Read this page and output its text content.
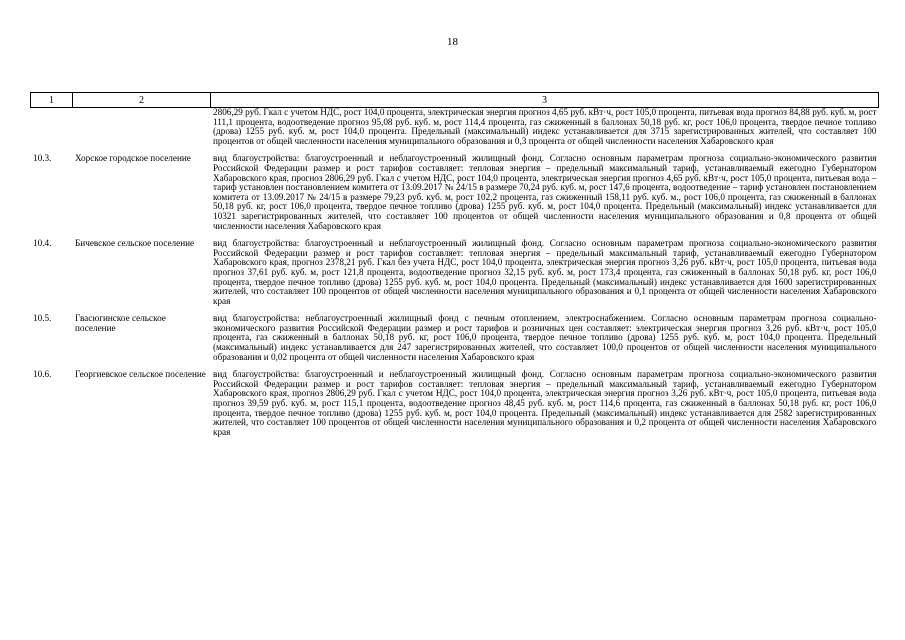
18
1	2	3
		2806,29 руб. Гкал с учетом НДС, рост 104,0 процента, электрическая энергия прогноз 4,65 руб. кВт·ч, рост 105,0 процента, питьевая вода прогноз 84,88 руб. куб. м, рост 111,1 процента, водоотведение прогноз 95,08 руб. куб. м, рост 114,4 процента, газ сжиженный в баллонах 50,18 руб. кг, рост 106,0 процента, твердое печное топливо (дрова) 1255 руб. куб. м, рост 104,0 процента. Предельный (максимальный) индекс устанавливается для 3715 зарегистрированных жителей, что составляет 100 процентов от общей численности населения муниципального образования и 0,3 процента от общей численности населения Хабаровского края

10.3.	Хорское городское поселение	вид благоустройства: благоустроенный и неблагоустроенный жилищный фонд. Согласно основным параметрам прогноза социально-экономического развития Российской Федерации размер и рост тарифов составляет: тепловая энергия – предельный максимальный тариф, устанавливаемый ежегодно Губернатором Хабаровского края, прогноз 2806,29 руб. Гкал с учетом НДС, рост 104,0 процента, электрическая энергия прогноз 4,65 руб. кВт·ч, рост 105,0 процента, питьевая вода – тариф установлен постановлением комитета от 13.09.2017 № 24/15 в размере 70,24 руб. куб. м, рост 147,6 процента, водоотведение – тариф установлен постановлением комитета от 13.09.2017 № 24/15 в размере 79,23 руб. куб. м, рост 102,2 процента, газ сжиженный 158,11 руб. куб. м., рост 106,0 процента, газ сжиженный в баллонах 50,18 руб. кг, рост 106,0 процента, твердое печное топливо (дрова) 1255 руб. куб. м, рост 104,0 процента. Предельный (максимальный) индекс устанавливается для 10321 зарегистрированных жителей, что составляет 100 процентов от общей численности населения муниципального образования и 0,8 процента от общей численности населения Хабаровского края

10.4.	Бичевское сельское поселение	вид благоустройства: благоустроенный и неблагоустроенный жилищный фонд. Согласно основным параметрам прогноза социально-экономического развития Российской Федерации размер и рост тарифов составляет: тепловая энергия – предельный максимальный тариф, устанавливаемый ежегодно Губернатором Хабаровского края, прогноз 2378,21 руб. Гкал без учета НДС, рост 104,0 процента, электрическая энергия прогноз 3,26 руб. кВт·ч, рост 105,0 процента, питьевая вода прогноз 37,61 руб. куб. м, рост 121,8 процента, водоотведение прогноз 32,15 руб. куб. м, рост 173,4 процента, газ сжиженный в баллонах 50,18 руб. кг, рост 106,0 процента, твердое печное топливо (дрова) 1255 руб. куб. м, рост 104,0 процента. Предельный (максимальный) индекс устанавливается для 1600 зарегистрированных жителей, что составляет 100 процентов от общей численности населения муниципального образования и 0,1 процента от общей численности населения Хабаровского края

10.5.	Гвасюгинское сельское поселение	вид благоустройства: неблагоустроенный жилищный фонд с печным отоплением, электроснабжением. Согласно основным параметрам прогноза социально-экономического развития Российской Федерации размер и рост тарифов и розничных цен составляет: электрическая энергия прогноз 3,26 руб. кВт·ч, рост 105,0 процента, газ сжиженный в баллонах 50,18 руб. кг, рост 106,0 процента, твердое печное топливо (дрова) 1255 руб. куб. м, рост 104,0 процента. Предельный (максимальный) индекс устанавливается для 247 зарегистрированных жителей, что составляет 100,0 процентов от общей численности населения муниципального образования и 0,02 процента от общей численности населения Хабаровского края

10.6.	Георгиевское сельское поселение	вид благоустройства: благоустроенный и неблагоустроенный жилищный фонд. Согласно основным параметрам прогноза социально-экономического развития Российской Федерации размер и рост тарифов составляет: тепловая энергия – предельный максимальный тариф, устанавливаемый ежегодно Губернатором Хабаровского края, прогноз 2806,29 руб. Гкал с учетом НДС, рост 104,0 процента, электрическая энергия прогноз 3,26 руб. кВт·ч, рост 105,0 процента, питьевая вода прогноз 39,59 руб. куб. м, рост 115,1 процента, водоотведение прогноз 48,45 руб. куб. м, рост 114,6 процента, газ сжиженный в баллонах 50,18 руб. кг, рост 106,0 процента, твердое печное топливо (дрова) 1255 руб. куб. м, рост 104,0 процента. Предельный (максимальный) индекс устанавливается для 2582 зарегистрированных жителей, что составляет 100 процентов от общей численности населения муниципального образования и 0,2 процента от общей численности населения Хабаровского края
